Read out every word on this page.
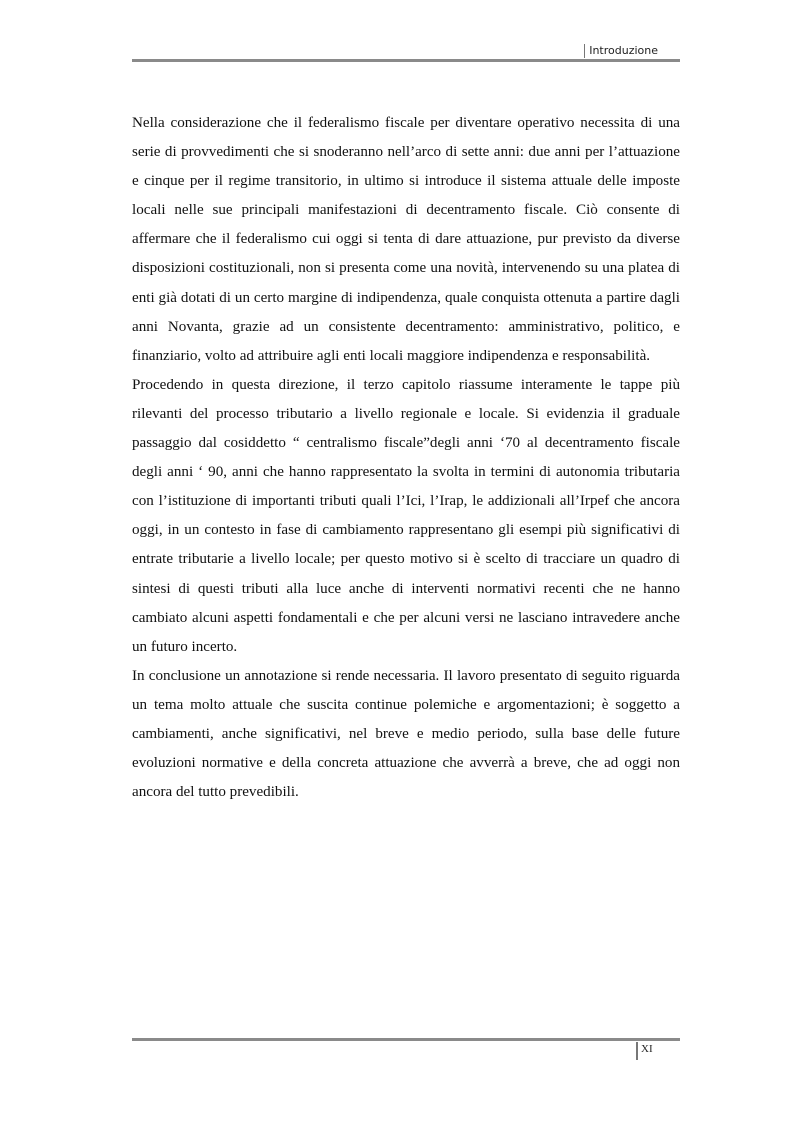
Introduzione

Nella considerazione che il federalismo fiscale per diventare operativo necessita di una serie di provvedimenti che si snoderanno nell’arco di sette anni: due anni per l’attuazione e cinque per il regime transitorio, in ultimo si introduce il sistema attuale delle imposte locali nelle sue principali manifestazioni di decentramento fiscale. Ciò consente di affermare che il federalismo cui oggi si tenta di dare attuazione, pur previsto da diverse disposizioni costituzionali, non si presenta come una novità, intervenendo su una platea di enti già dotati di un certo margine di indipendenza, quale conquista ottenuta a partire dagli anni Novanta, grazie ad un consistente decentramento: amministrativo, politico, e finanziario, volto ad attribuire agli enti locali maggiore indipendenza e responsabilità.

Procedendo in questa direzione, il terzo capitolo riassume interamente le tappe più rilevanti del processo tributario a livello regionale e locale. Si evidenzia il graduale passaggio dal cosiddetto “ centralismo fiscale”degli anni ‘70 al decentramento fiscale degli anni ‘ 90, anni che hanno rappresentato la svolta in termini di autonomia tributaria con l’istituzione di importanti tributi quali l’Ici, l’Irap, le addizionali all’Irpef che ancora oggi, in un contesto in fase di cambiamento rappresentano gli esempi più significativi di entrate tributarie a livello locale; per questo motivo si è scelto di tracciare un quadro di sintesi di questi tributi alla luce anche di interventi normativi recenti che ne hanno cambiato alcuni aspetti fondamentali e che per alcuni versi ne lasciano intravedere anche un futuro incerto.

In conclusione un annotazione si rende necessaria. Il lavoro presentato di seguito riguarda un tema molto attuale che suscita continue polemiche e argomentazioni; è soggetto a cambiamenti, anche significativi, nel breve e medio periodo, sulla base delle future evoluzioni normative e della concreta attuazione che avverrà a breve, che ad oggi non ancora del tutto prevedibili.

XI
